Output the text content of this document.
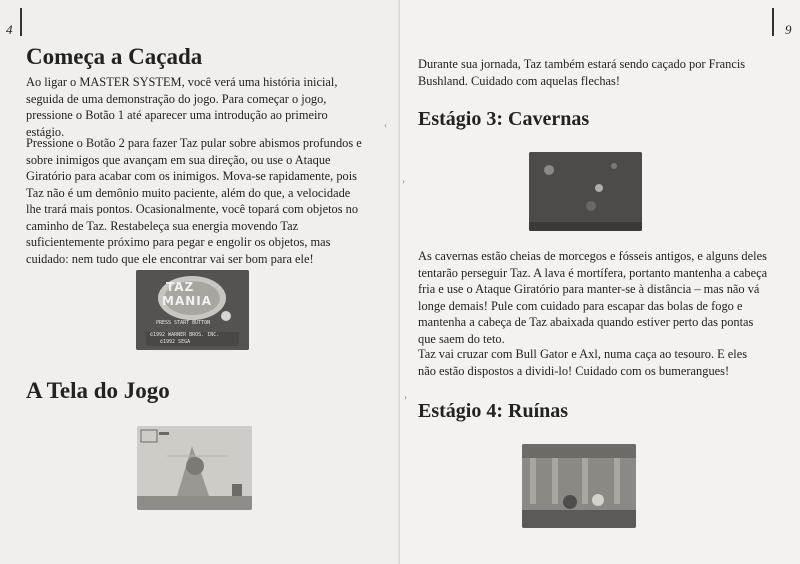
4
Começa a Caçada

Ao ligar o MASTER SYSTEM, você verá uma história inicial, seguida de uma demonstração do jogo. Para começar o jogo, pressione o Botão 1 até aparecer uma introdução ao primeiro estágio.

Pressione o Botão 2 para fazer Taz pular sobre abismos profundos e sobre inimigos que avançam em sua direção, ou use o Ataque Giratório para acabar com os inimigos. Mova-se rapidamente, pois Taz não é um demônio muito paciente, além do que, a velocidade lhe trará mais pontos. Ocasionalmente, você topará com objetos no caminho de Taz. Restabeleça sua energia movendo Taz suficientemente próximo para pegar e engolir os objetos, mas cuidado: nem tudo que ele encontrar vai ser bom para ele!

TAZ
MANIA
PRESS START BUTTON
©1992 WARNER BROS. INC.
©1992 SEGA
A Tela do Jogo
‹
9

Durante sua jornada, Taz também estará sendo caçado por Francis Bushland. Cuidado com aquelas flechas!

Estágio 3: Cavernas

As cavernas estão cheias de morcegos e fósseis antigos, e alguns deles tentarão perseguir Taz. A lava é mortífera, portanto mantenha a cabeça fria e use o Ataque Giratório para manter-se à distância – mas não vá longe demais! Pule com cuidado para escapar das bolas de fogo e mantenha a cabeça de Taz abaixada quando estiver perto das pontas que saem do teto.

Taz vai cruzar com Bull Gator e Axl, numa caça ao tesouro. E eles não estão dispostos a dividi-lo! Cuidado com os bumerangues!

Estágio 4: Ruínas
›
›
